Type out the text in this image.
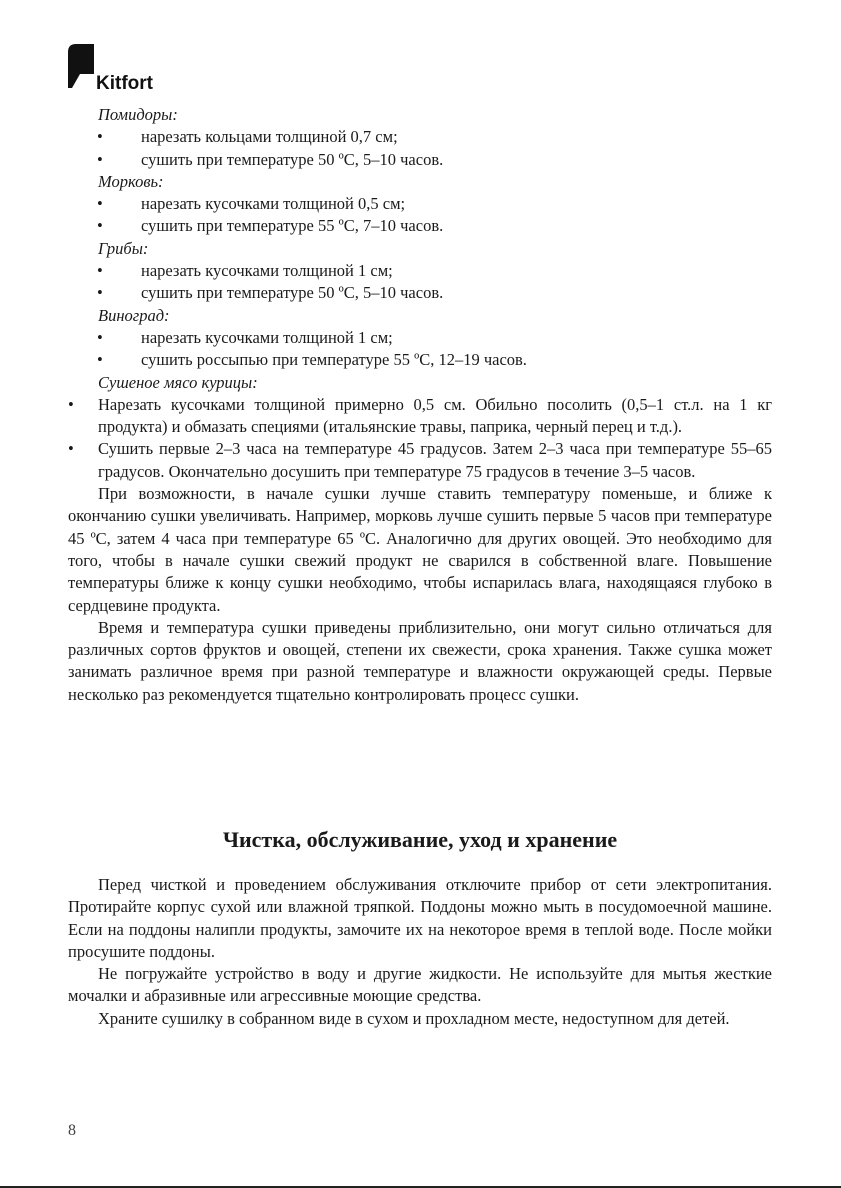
Kitfort
Помидоры:
• нарезать кольцами толщиной 0,7 см;
• сушить при температуре 50 ºC, 5–10 часов.
Морковь:
• нарезать кусочками толщиной 0,5 см;
• сушить при температуре 55 ºC, 7–10 часов.
Грибы:
• нарезать кусочками толщиной 1 см;
• сушить при температуре 50 ºC, 5–10 часов.
Виноград:
• нарезать кусочками толщиной 1 см;
• сушить россыпью при температуре 55 ºC, 12–19 часов.
Сушеное мясо курицы:
• Нарезать кусочками толщиной примерно 0,5 см. Обильно посолить (0,5–1 ст.л. на 1 кг продукта) и обмазать специями (итальянские травы, паприка, черный перец и т.д.).
• Сушить первые 2–3 часа на температуре 45 градусов. Затем 2–3 часа при температуре 55–65 градусов. Окончательно досушить при температуре 75 градусов в течение 3–5 часов.

При возможности, в начале сушки лучше ставить температуру поменьше, и ближе к окончанию сушки увеличивать. Например, морковь лучше сушить первые 5 часов при температуре 45 ºC, затем 4 часа при температуре 65 ºC. Аналогично для других овощей. Это необходимо для того, чтобы в начале сушки свежий продукт не сварился в собственной влаге. Повышение температуры ближе к концу сушки необходимо, чтобы испарилась влага, находящаяся глубоко в сердцевине продукта.

Время и температура сушки приведены приблизительно, они могут сильно отличаться для различных сортов фруктов и овощей, степени их свежести, срока хранения. Также сушка может занимать различное время при разной температуре и влажности окружающей среды. Первые несколько раз рекомендуется тщательно контролировать процесс сушки.

Чистка, обслуживание, уход и хранение

Перед чисткой и проведением обслуживания отключите прибор от сети электропитания. Протирайте корпус сухой или влажной тряпкой. Поддоны можно мыть в посудомоечной машине. Если на поддоны налипли продукты, замочите их на некоторое время в теплой воде. После мойки просушите поддоны.

Не погружайте устройство в воду и другие жидкости. Не используйте для мытья жесткие мочалки и абразивные или агрессивные моющие средства.

Храните сушилку в собранном виде в сухом и прохладном месте, недоступном для детей.

8
